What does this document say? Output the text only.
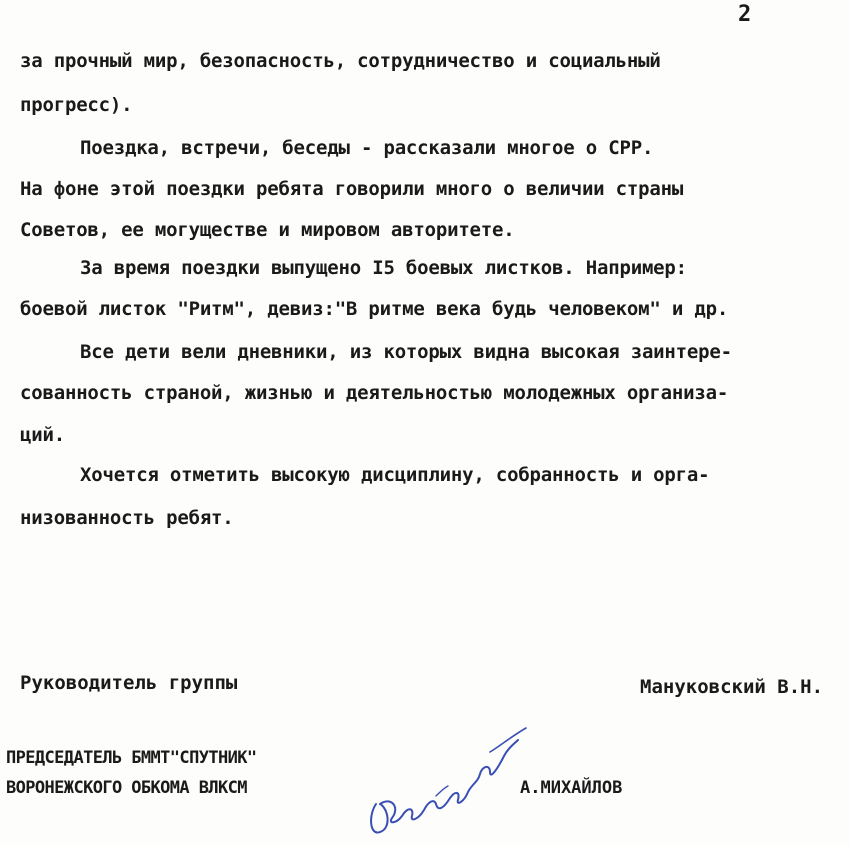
2
за прочный мир, безопасность, сотрудничество и социальный
прогресс).
Поездка, встречи, беседы - рассказали многое о СРР.
На фоне этой поездки ребята говорили много о величии страны
Советов, ее могуществе и мировом авторитете.
За время поездки выпущено I5 боевых листков. Например:
боевой листок "Ритм", девиз:"В ритме века будь человеком" и др.
Все дети вели дневники, из которых видна высокая заинтере-
сованность страной, жизнью и деятельностью молодежных организа-
ций.
Хочется отметить высокую дисциплину, собранность и орга-
низованность ребят.
Руководитель группы	Мануковский В.Н.
ПРЕДСЕДАТЕЛЬ БММТ"СПУТНИК"
ВОРОНЕЖСКОГО ОБКОМА ВЛКСМ	А.МИХАЙЛОВ
